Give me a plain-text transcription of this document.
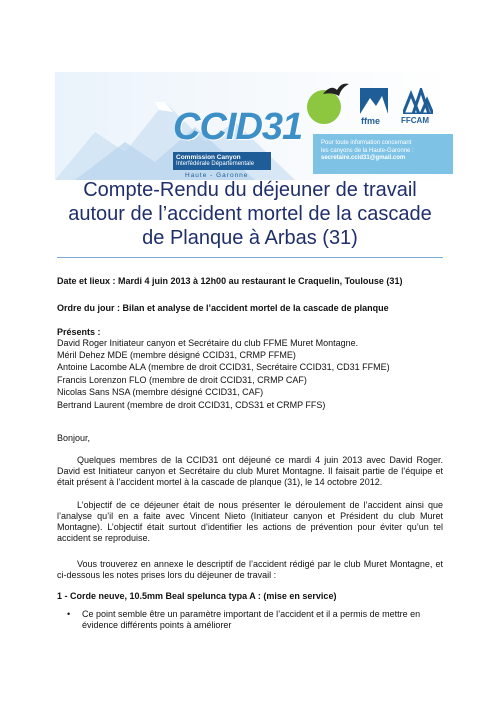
CCID31
Commission Canyon
Interfédérale Départementale
Haute - Garonne
ffme	FFCAM
Pour toute information concernant
les canyons de la Haute-Garonne :
secretaire.ccid31@gmail.com
Compte-Rendu du déjeuner de travail
autour de l’accident mortel de la cascade
de Planque à Arbas (31)
Date et lieux : Mardi 4 juin 2013 à 12h00 au restaurant le Craquelin, Toulouse (31)
Ordre du jour : Bilan et analyse de l’accident mortel de la cascade de planque
Présents :
David Roger Initiateur canyon et Secrétaire du club FFME Muret Montagne.
Méril Dehez MDE (membre désigné CCID31, CRMP FFME)
Antoine Lacombe ALA (membre de droit CCID31, Secrétaire CCID31, CD31 FFME)
Francis Lorenzon FLO (membre de droit CCID31, CRMP CAF)
Nicolas Sans NSA (membre désigné CCID31, CAF)
Bertrand Laurent (membre de droit CCID31, CDS31 et CRMP FFS)
Bonjour,
Quelques membres de la CCID31 ont déjeuné ce mardi 4 juin 2013 avec David Roger. David est Initiateur canyon et Secrétaire du club Muret Montagne. Il faisait partie de l’équipe et était présent à l’accident mortel à la cascade de planque (31), le 14 octobre 2012.
L’objectif de ce déjeuner était de nous présenter le déroulement de l’accident ainsi que l’analyse qu’il en a faite avec Vincent Nieto (Initiateur canyon et Président du club Muret Montagne). L’objectif était surtout d’identifier les actions de prévention pour éviter qu’un tel accident se reproduise.
Vous trouverez en annexe le descriptif de l’accident rédigé par le club Muret Montagne, et ci-dessous les notes prises lors du déjeuner de travail :
1 - Corde neuve, 10.5mm Beal spelunca typa A : (mise en service)
• Ce point semble être un paramètre important de l’accident et il a permis de mettre en évidence différents points à améliorer
